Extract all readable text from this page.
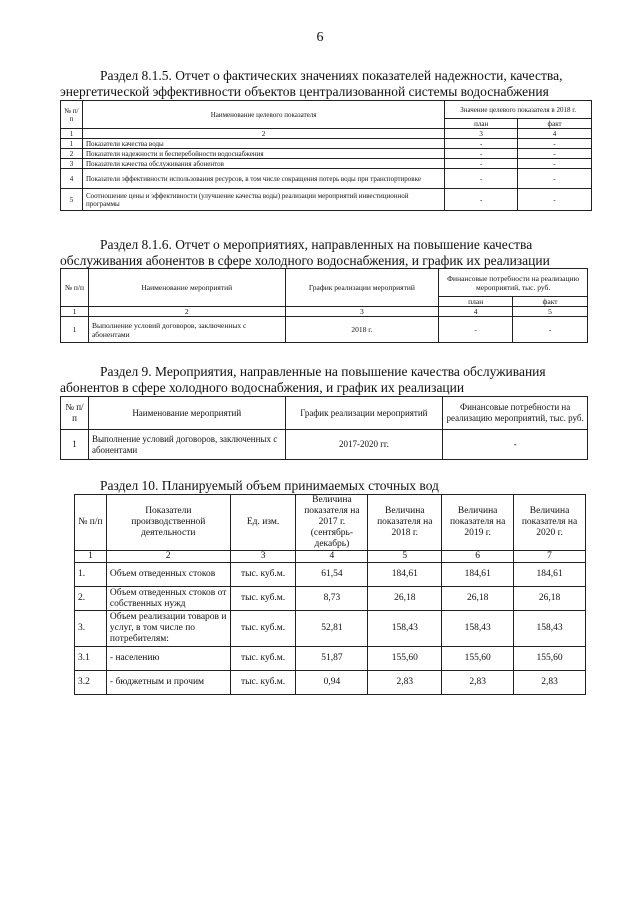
6
Раздел 8.1.5. Отчет о фактических значениях показателей надежности, качества,
энергетической эффективности объектов централизованной системы водоснабжения
№ п/п	Наименование целевого показателя	Значение целевого показателя в 2018 г.	
		план	факт
1	2	3	4
1	Показатели качества воды	-	-
2	Показатели надежности и бесперебойности водоснабжения	-	-
3	Показатели качества обслуживания абонентов	-	-
4	Показатели эффективности использования ресурсов, в том числе сокращения потерь воды при транспортировке	-	-
5	Соотношение цены и эффективности (улучшение качества воды) реализации мероприятий инвестиционной программы	-	-
Раздел 8.1.6. Отчет о мероприятиях, направленных на повышение качества
обслуживания абонентов в сфере холодного водоснабжения, и график их реализации
№ п/п	Наименование мероприятий	График реализации мероприятий	Финансовые потребности на реализацию мероприятий, тыс. руб.	
			план	факт
1	2	3	4	5
1	Выполнение условий договоров, заключенных с абонентами	2018 г.	-	-
Раздел 9. Мероприятия, направленные на повышение качества обслуживания
абонентов в сфере холодного водоснабжения, и график их реализации
№ п/п	Наименование мероприятий	График реализации мероприятий	Финансовые потребности на реализацию мероприятий, тыс. руб.
1	Выполнение условий договоров, заключенных с абонентами	2017-2020 гг.	-
Раздел 10. Планируемый объем принимаемых сточных вод
№ п/п	Показатели производственной деятельности	Ед. изм.	Величина показателя на 2017 г. (сентябрь-декабрь)	Величина показателя на 2018 г.	Величина показателя на 2019 г.	Величина показателя на 2020 г.
1	2	3	4	5	6	7
1.	Объем отведенных стоков	тыс. куб.м.	61,54	184,61	184,61	184,61
2.	Объем отведенных стоков от собственных нужд	тыс. куб.м.	8,73	26,18	26,18	26,18
3.	Объем реализации товаров и услуг, в том числе по потребителям:	тыс. куб.м.	52,81	158,43	158,43	158,43
3.1	- населению	тыс. куб.м.	51,87	155,60	155,60	155,60
3.2	- бюджетным и прочим	тыс. куб.м.	0,94	2,83	2,83	2,83
